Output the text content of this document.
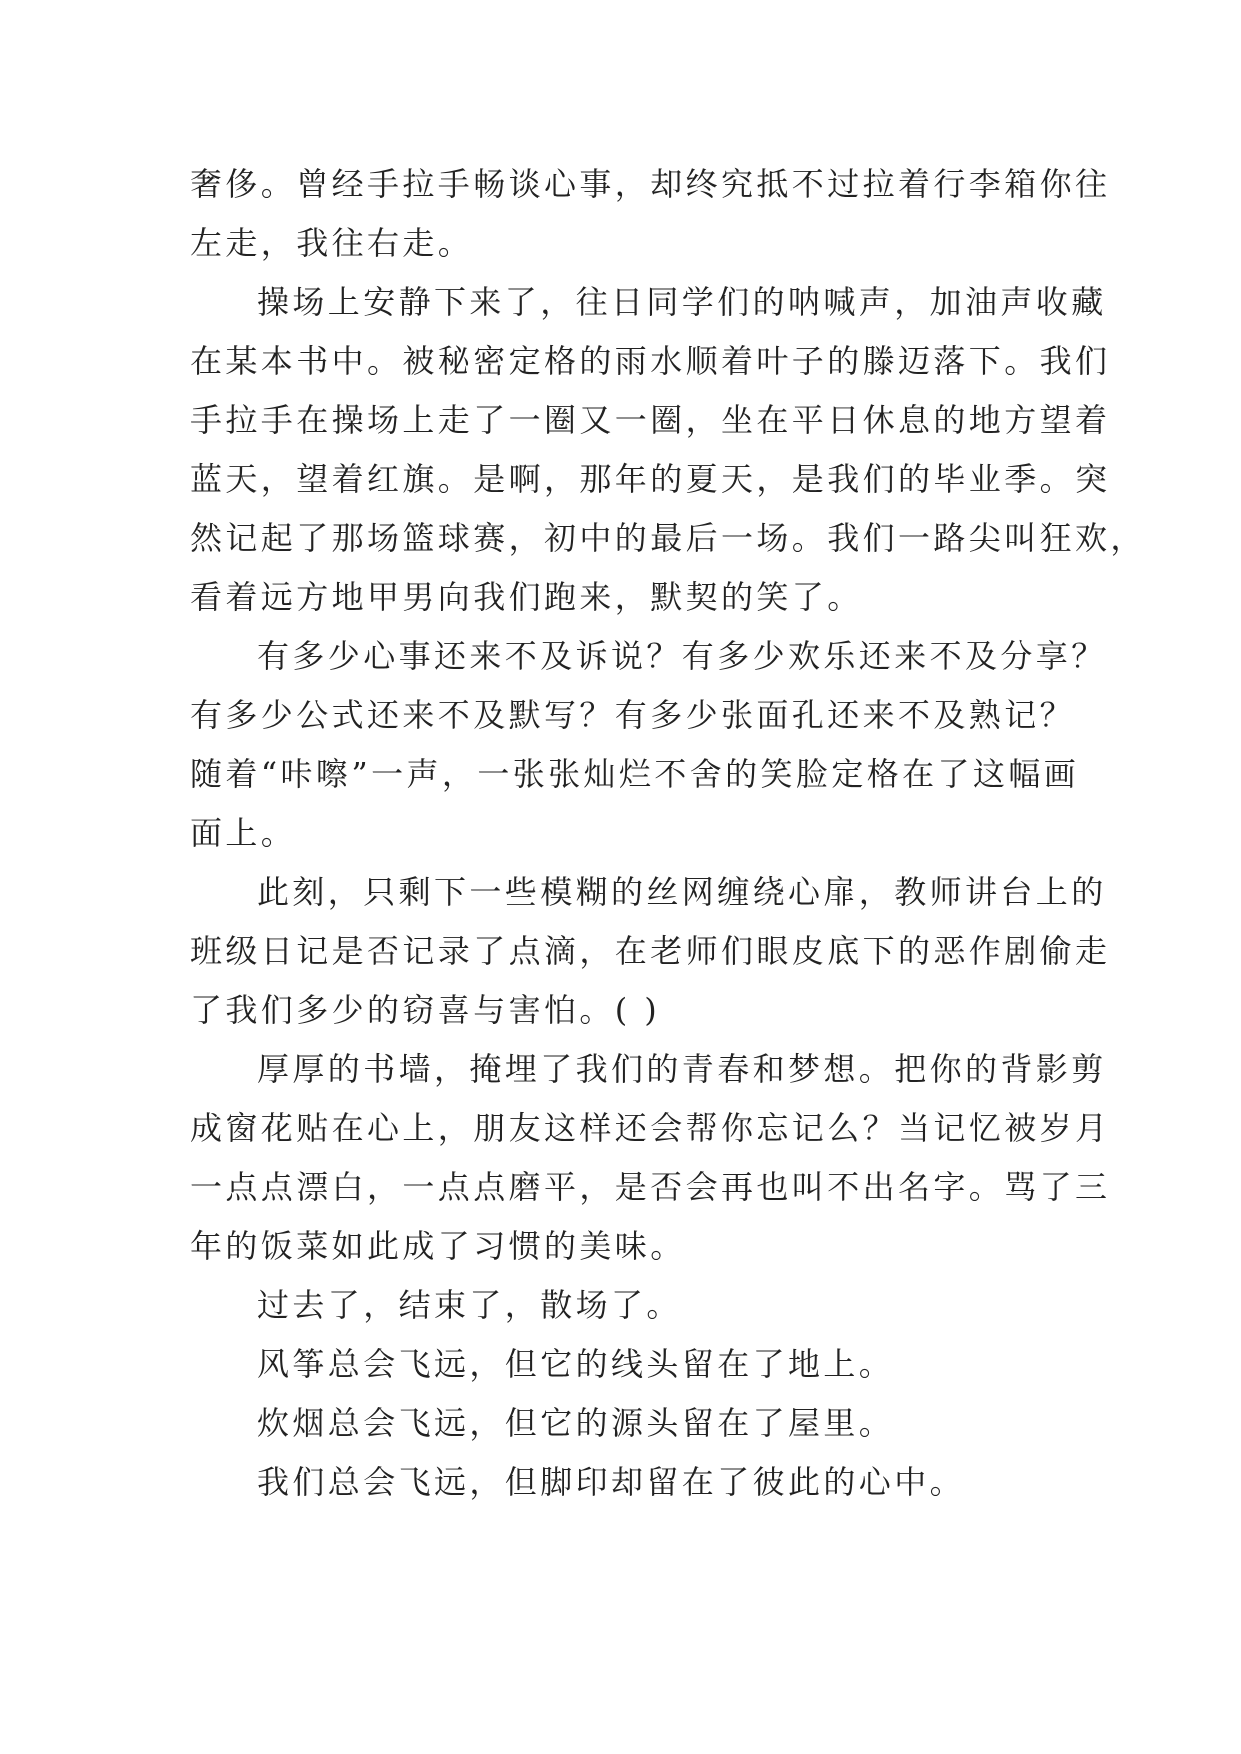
奢侈。曾经手拉手畅谈心事，却终究抵不过拉着行李箱你往
左走，我往右走。
操场上安静下来了，往日同学们的呐喊声，加油声收藏
在某本书中。被秘密定格的雨水顺着叶子的滕迈落下。我们
手拉手在操场上走了一圈又一圈，坐在平日休息的地方望着
蓝天，望着红旗。是啊，那年的夏天，是我们的毕业季。突
然记起了那场篮球赛，初中的最后一场。我们一路尖叫狂欢，
看着远方地甲男向我们跑来，默契的笑了。
有多少心事还来不及诉说？有多少欢乐还来不及分享？
有多少公式还来不及默写？有多少张面孔还来不及熟记？
随着“咔嚓”一声，一张张灿烂不舍的笑脸定格在了这幅画
面上。
此刻，只剩下一些模糊的丝网缠绕心扉，教师讲台上的
班级日记是否记录了点滴，在老师们眼皮底下的恶作剧偷走
了我们多少的窃喜与害怕。( )
厚厚的书墙，掩埋了我们的青春和梦想。把你的背影剪
成窗花贴在心上，朋友这样还会帮你忘记么？当记忆被岁月
一点点漂白，一点点磨平，是否会再也叫不出名字。骂了三
年的饭菜如此成了习惯的美味。
过去了，结束了，散场了。
风筝总会飞远，但它的线头留在了地上。
炊烟总会飞远，但它的源头留在了屋里。
我们总会飞远，但脚印却留在了彼此的心中。
